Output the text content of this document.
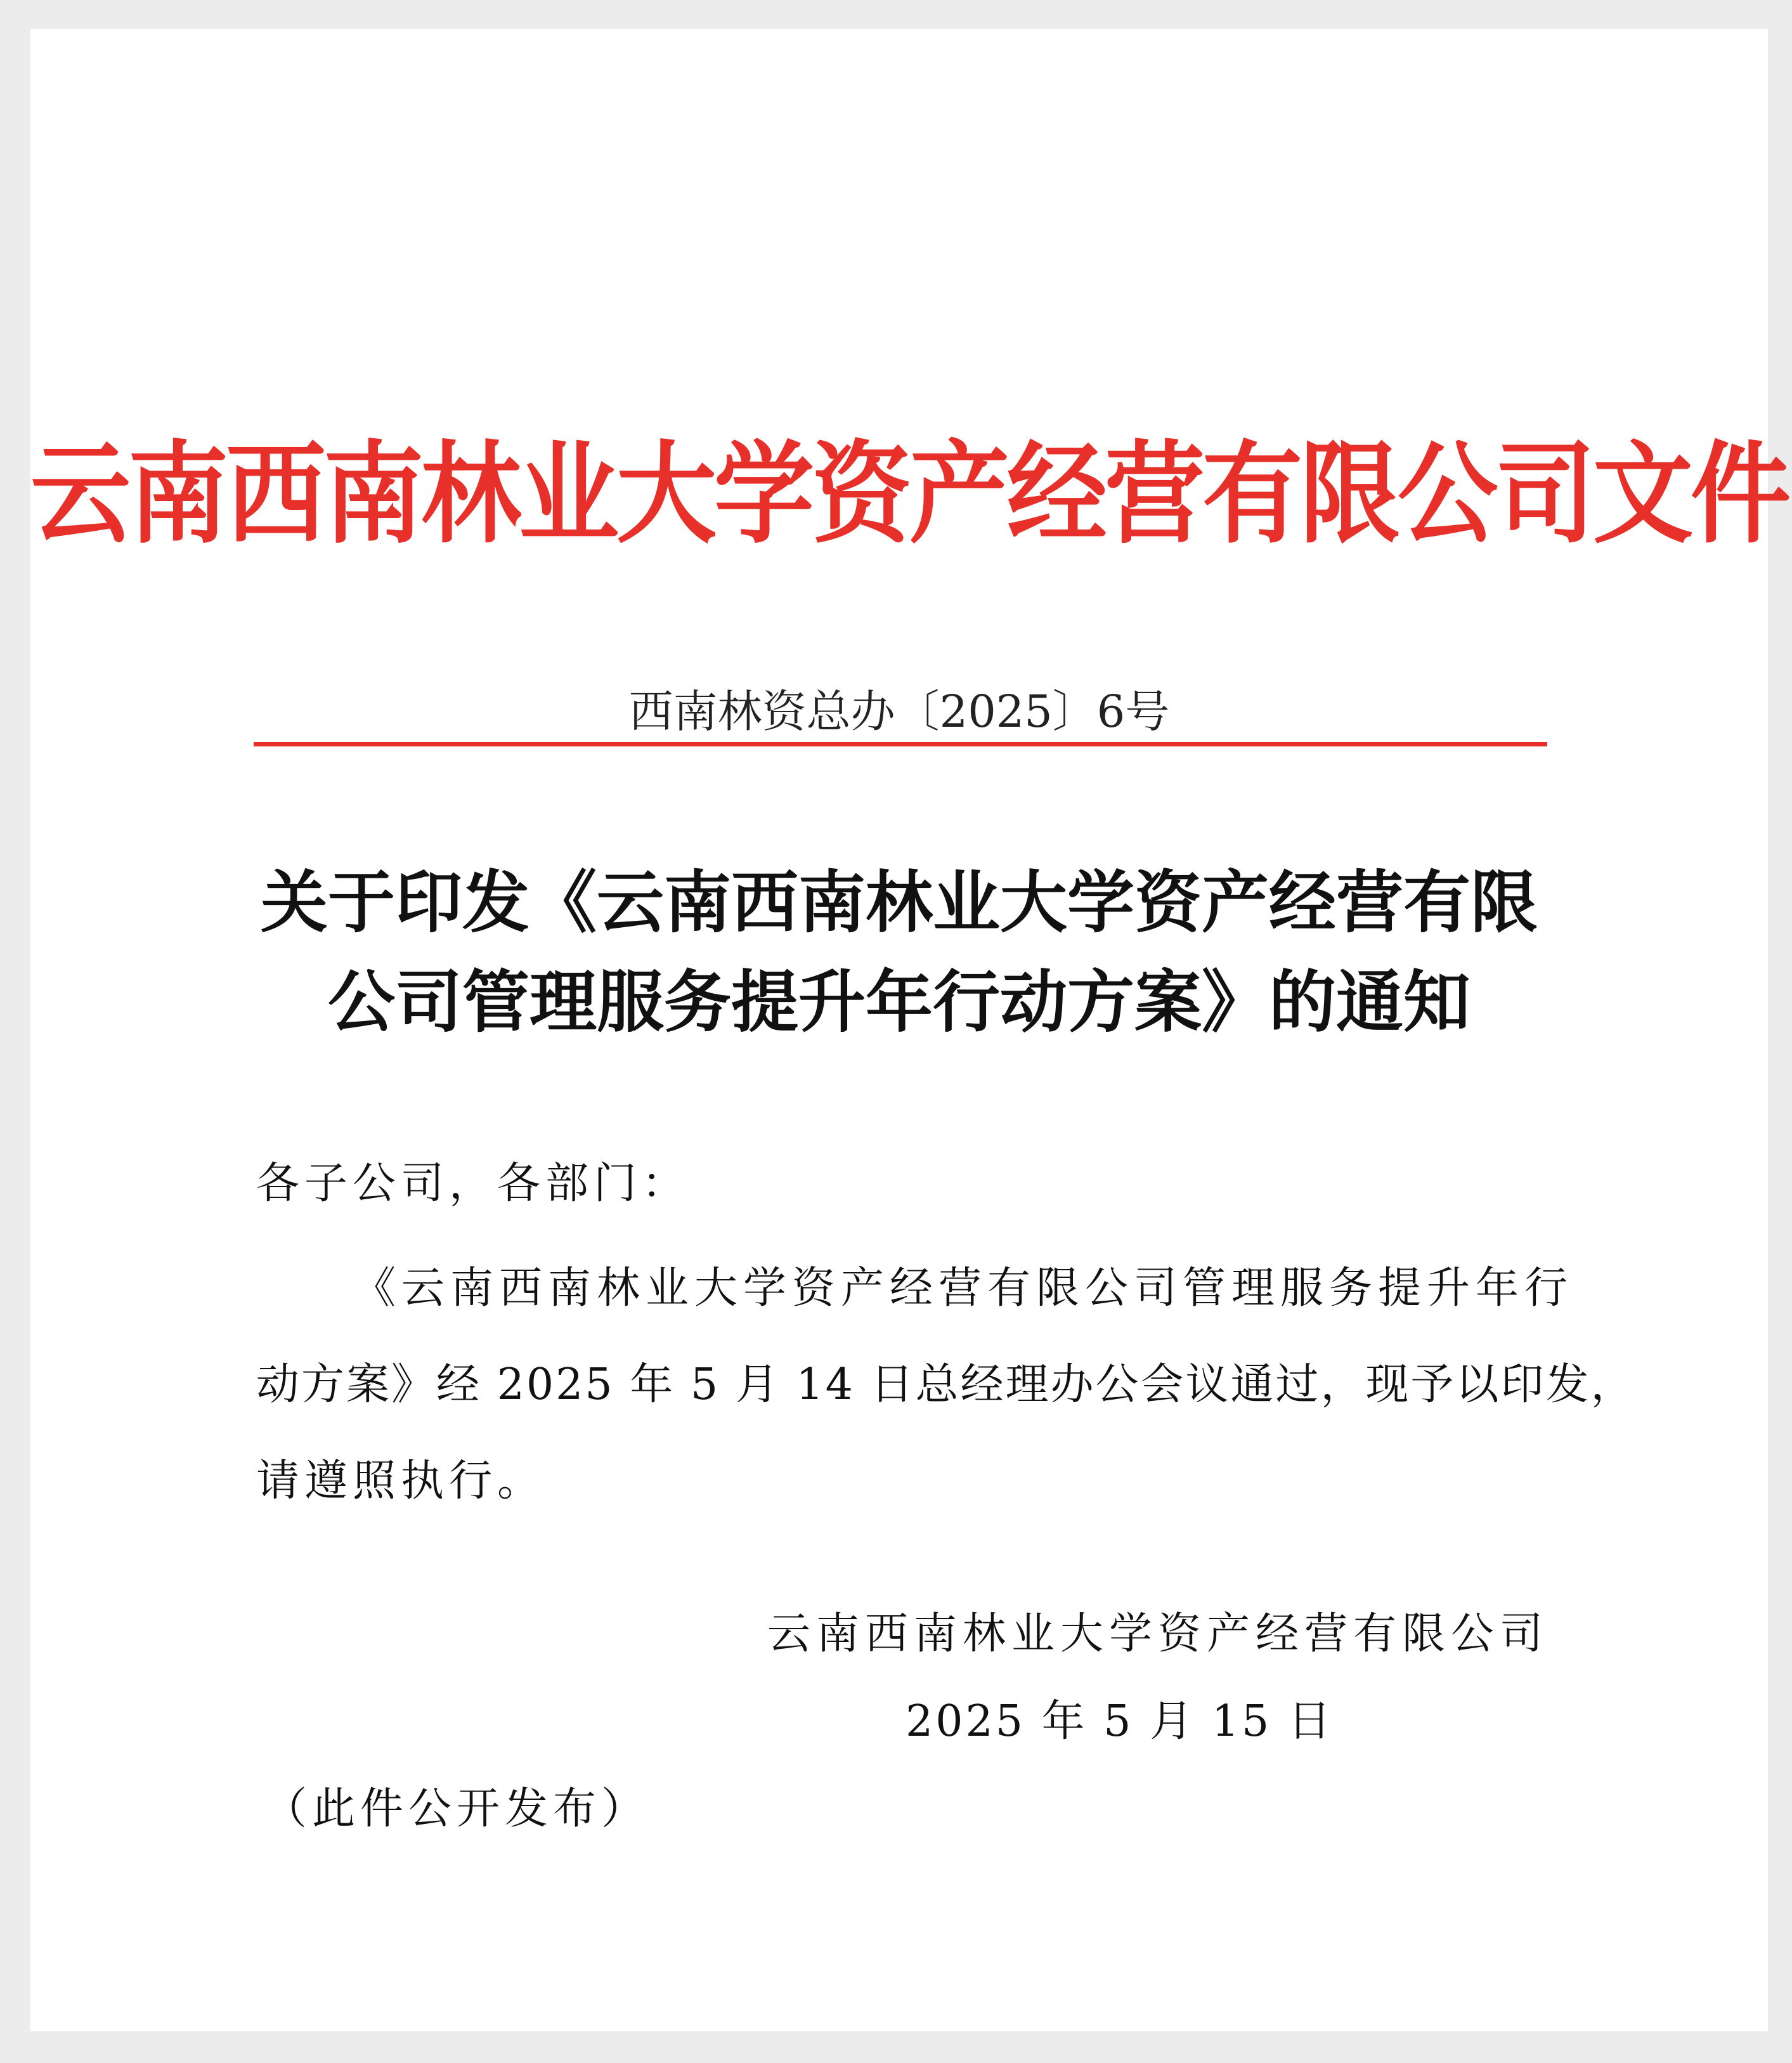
云南西南林业大学资产经营有限公司文件
西南林资总办〔2025〕6号
关于印发《云南西南林业大学资产经营有限
公司管理服务提升年行动方案》的通知
各子公司，各部门：
《云南西南林业大学资产经营有限公司管理服务提升年行
动方案》经 2025 年 5 月 14 日总经理办公会议通过，现予以印发，
请遵照执行。
云南西南林业大学资产经营有限公司
2025 年 5 月 15 日
（此件公开发布）
